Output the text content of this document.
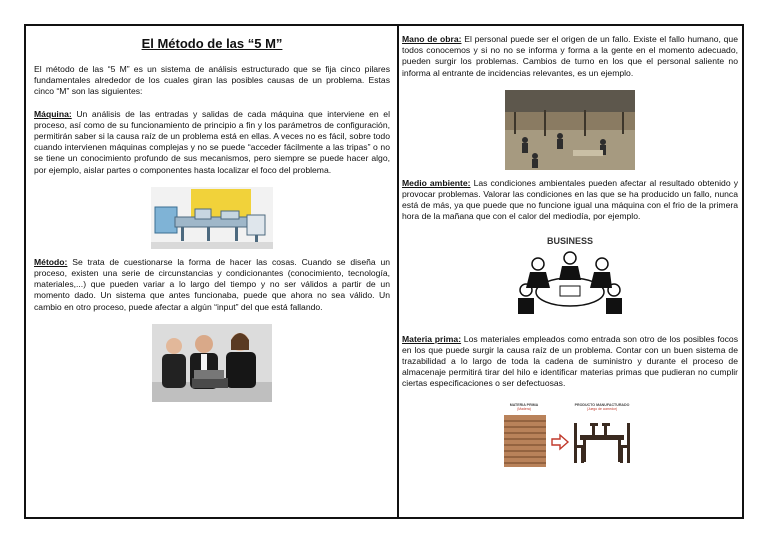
El Método de las “5 M”

El método de las “5 M” es un sistema de análisis estructurado que se fija cinco pilares fundamentales alrededor de los cuales giran las posibles causas de un problema. Estas cinco “M” son las siguientes:

Máquina: Un análisis de las entradas y salidas de cada máquina que interviene en el proceso, así como de su funcionamiento de principio a fin y los parámetros de configuración, permitirán saber si la causa raíz de un problema está en ellas. A veces no es fácil, sobre todo cuando intervienen máquinas complejas y no se puede “acceder fácilmente a las tripas” o no se tiene un conocimiento profundo de sus mecanismos, pero siempre se puede hacer algo, por ejemplo, aislar partes o componentes hasta localizar el foco del problema.

Método: Se trata de cuestionarse la forma de hacer las cosas. Cuando se diseña un proceso, existen una serie de circunstancias y condicionantes (conocimiento, tecnología, materiales,...) que pueden variar a lo largo del tiempo y no ser válidos a partir de un momento dado. Un sistema que antes funcionaba, puede que ahora no sea válido. Un cambio en otro proceso, puede afectar a algún “input” del que está fallando.

Mano de obra: El personal puede ser el origen de un fallo. Existe el fallo humano, que todos conocemos y si no no se informa y forma a la gente en el momento adecuado, pueden surgir los problemas. Cambios de turno en los que el personal saliente no informa al entrante de incidencias relevantes, es un ejemplo.

Medio ambiente: Las condiciones ambientales pueden afectar al resultado obtenido y provocar problemas. Valorar las condiciones en las que se ha producido un fallo, nunca está de más, ya que puede que no funcione igual una máquina con el frio de la primera hora de la mañana que con el calor del mediodía, por ejemplo.

BUSINESS

Materia prima: Los materiales empleados como entrada son otro de los posibles focos en los que puede surgir la causa raíz de un problema. Contar con un buen sistema de trazabilidad a lo largo de toda la cadena de suministro y durante el proceso de almacenaje permitirá tirar del hilo e identificar materias primas que pudieran no cumplir ciertas especificaciones o ser defectuosas.

MATERIA PRIMA
(Madera)
PRODUCTO MANUFACTURADO
(Juego de comedor)
